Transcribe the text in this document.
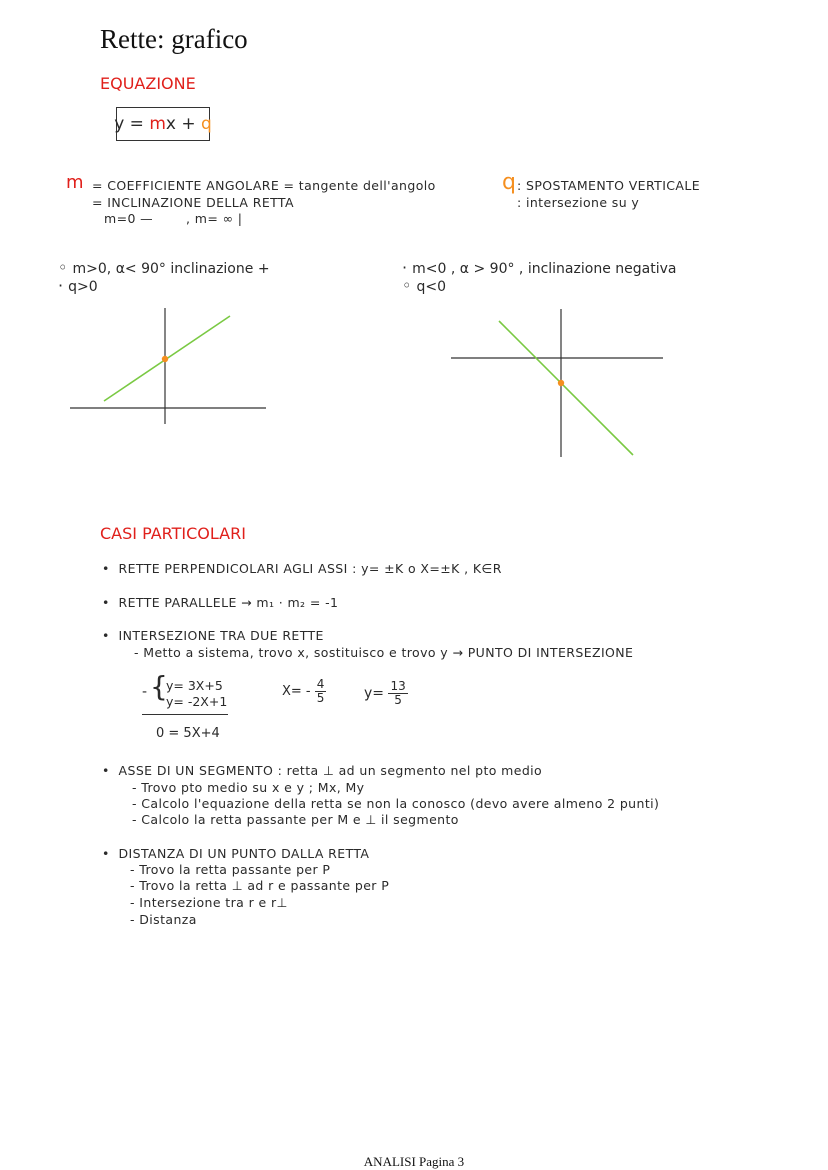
Rette: grafico
EQUAZIONE
y = m x + q
m = COEFFICIENTE ANGOLARE = tangente dell'angolo
= INCLINAZIONE DELLA RETTA
m=0 —	, m= ∞ |
q : SPOSTAMENTO VERTICALE
: intersezione su y
◦ m>0, α< 90° inclinazione +
· q>0
· m<0 , α > 90° , inclinazione negativa
◦ q<0
CASI PARTICOLARI
•  RETTE PERPENDICOLARI AGLI ASSI : y= ±K o X=±K , K∈R
•  RETTE PARALLELE → m₁ · m₂ = -1
•  INTERSEZIONE TRA DUE RETTE
- Metto a sistema, trovo x, sostituisco e trovo y → PUNTO DI INTERSEZIONE
- {
y= 3X+5
y= -2X+1
0 = 5X+4
$X= - \frac{4}{5}$	$y= \frac{13}{5}$
•  ASSE DI UN SEGMENTO : retta ⊥ ad un segmento nel pto medio
- Trovo pto medio su x e y ; Mx, My
- Calcolo l'equazione della retta se non la conosco (devo avere almeno 2 punti)
- Calcolo la retta passante per M e ⊥ il segmento
•  DISTANZA DI UN PUNTO DALLA RETTA
- Trovo la retta passante per P
- Trovo la retta ⊥ ad r e passante per P
- Intersezione tra r e r⊥
- Distanza
ANALISI Pagina 3
